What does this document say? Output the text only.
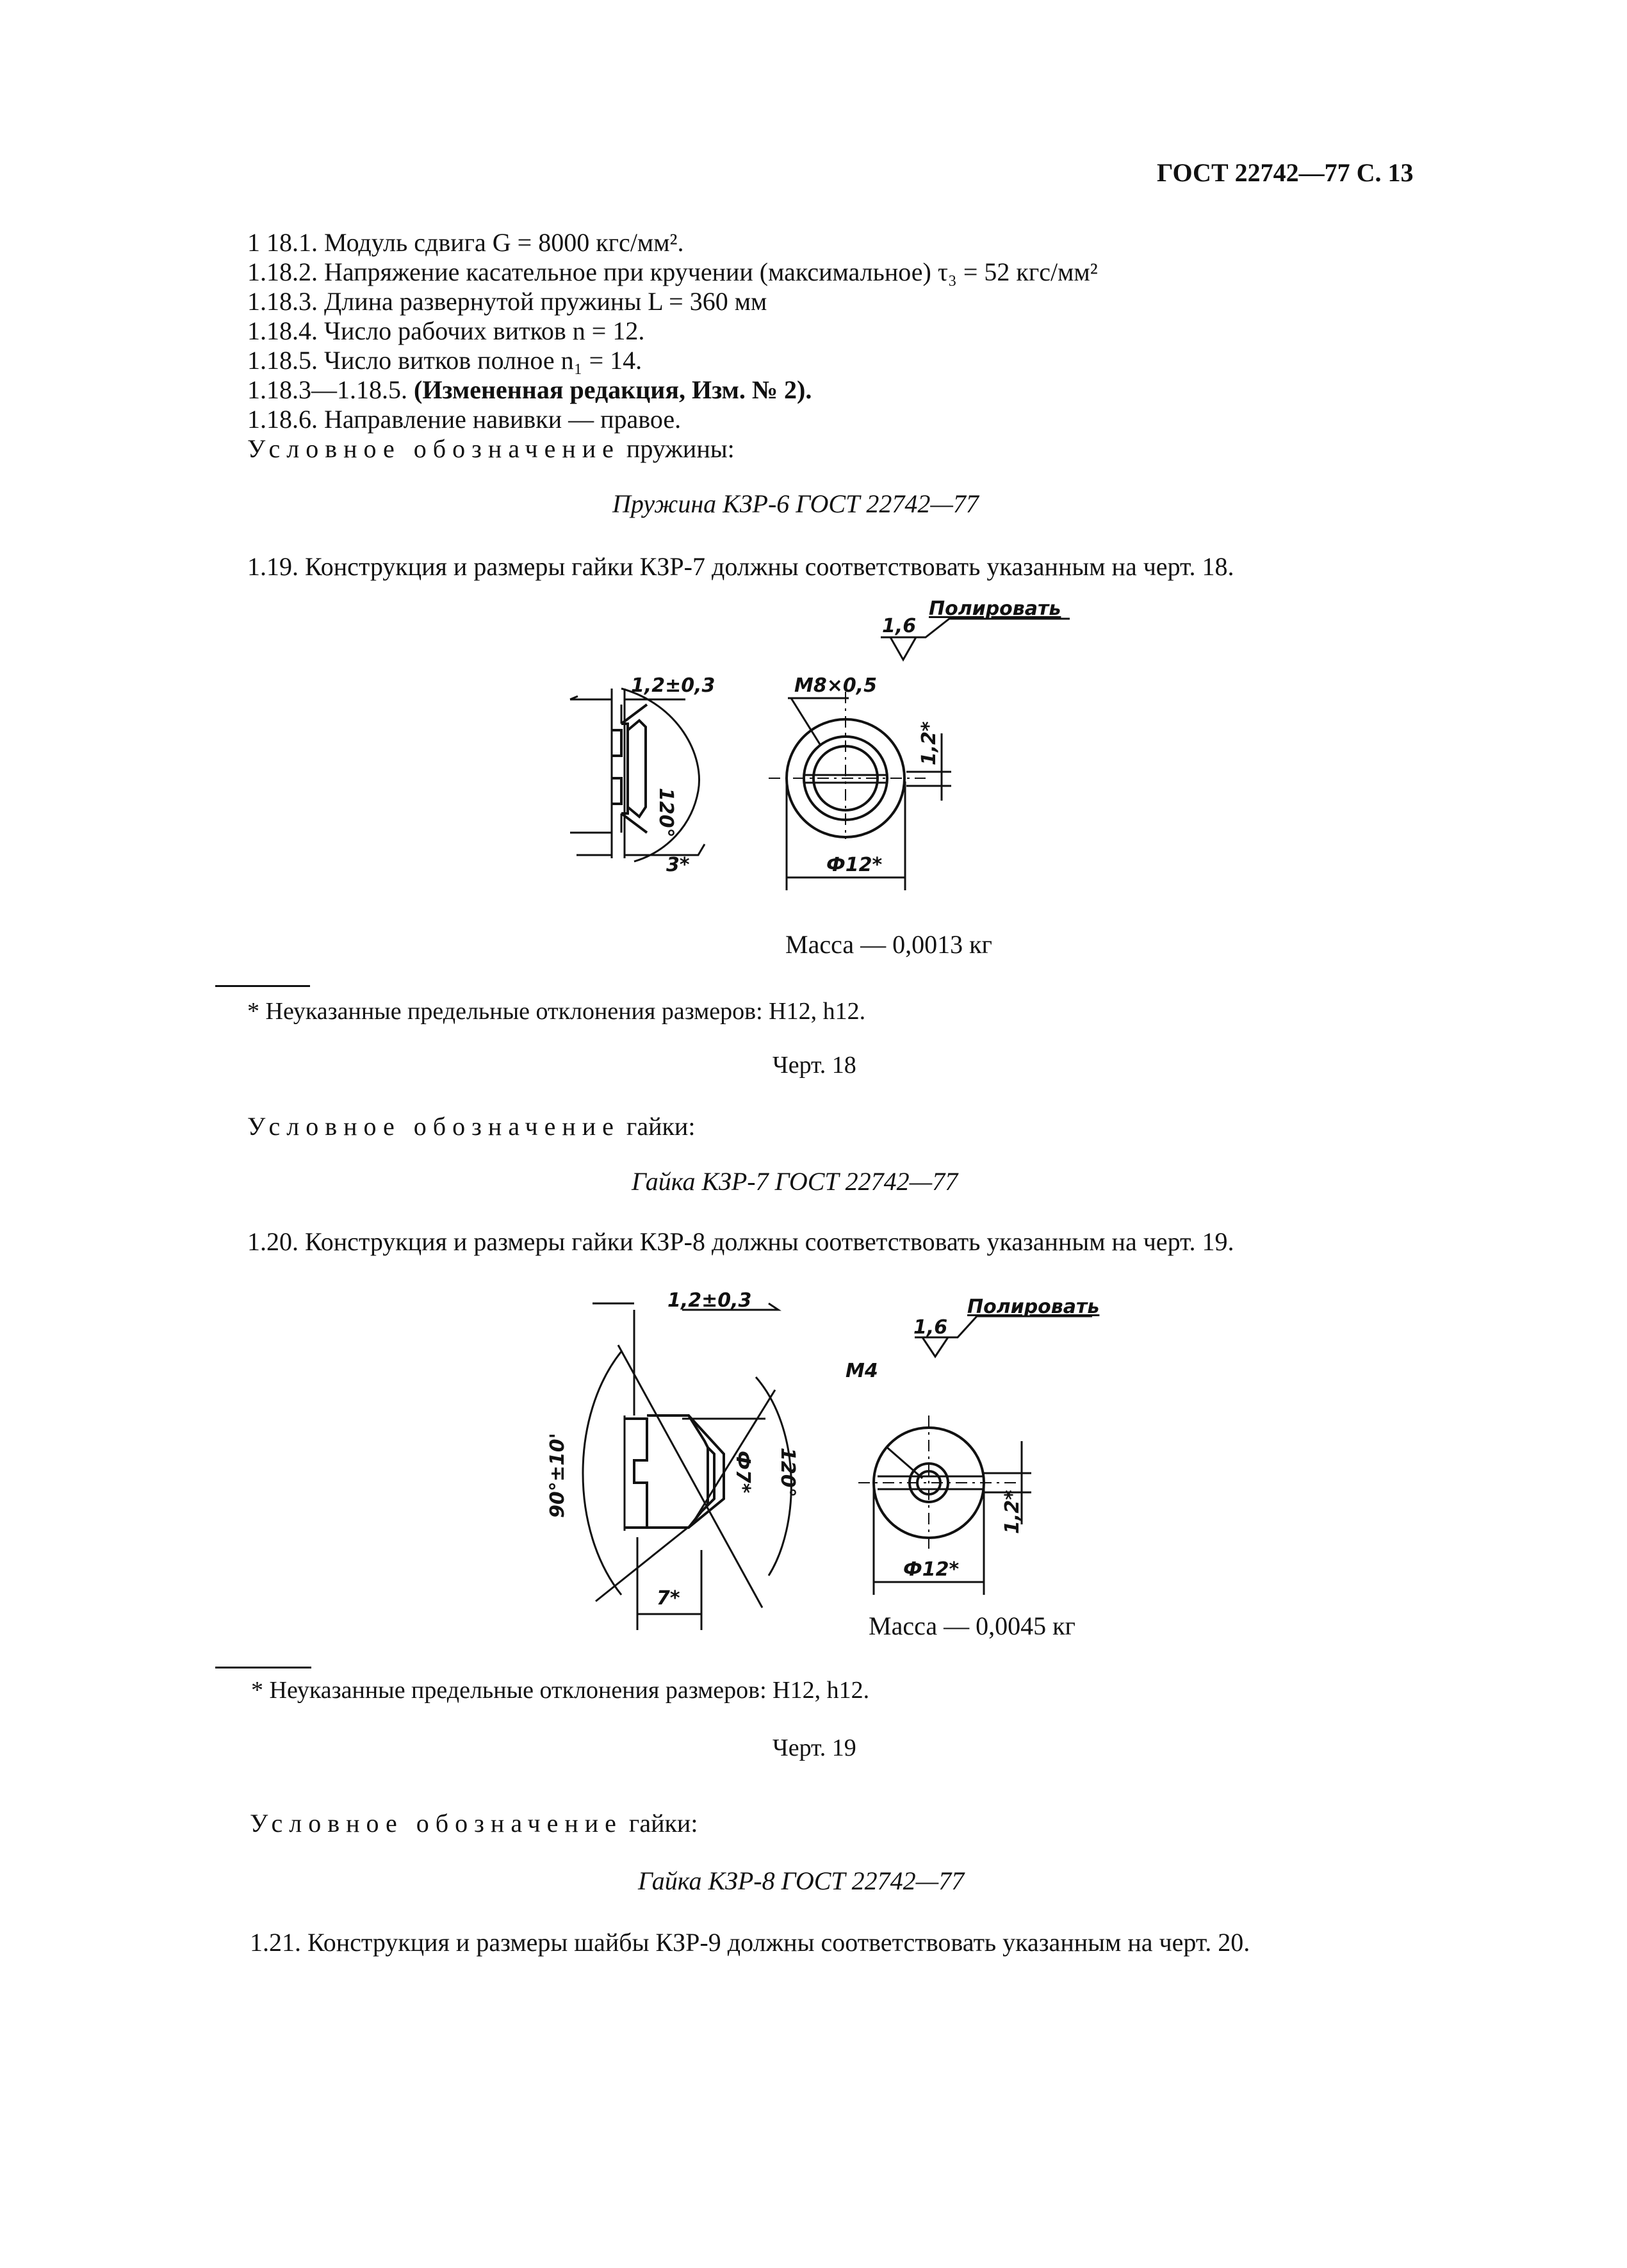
ГОСТ 22742—77 С. 13
1 18.1. Модуль сдвига G = 8000 кгс/мм².
1.18.2. Напряжение касательное при кручении (максимальное) τ₃ = 52 кгс/мм²
1.18.3. Длина развернутой пружины L = 360 мм
1.18.4. Число рабочих витков n = 12.
1.18.5. Число витков полное n₁ = 14.
1.18.3—1.18.5. (Измененная редакция, Изм. № 2).
1.18.6. Направление навивки — правое.
Условное обозначение пружины:
Пружина КЗР-6 ГОСТ 22742—77
1.19. Конструкция и размеры гайки КЗР-7 должны соответствовать указанным на черт. 18.
1,6
Полировать
1,2±0,3	М8×0,5
1,2*
120°
3*	Ф12*
Масса — 0,0013 кг
* Неуказанные предельные отклонения размеров: Н12, h12.
Черт. 18
Условное обозначение гайки:
Гайка КЗР-7 ГОСТ 22742—77
1.20. Конструкция и размеры гайки КЗР-8 должны соответствовать указанным на черт. 19.
1,6
Полировать
1,2±0,3
М4
90°±10'	120°
Ф7*
7*
1,2*
Ф12*
Масса — 0,0045 кг
* Неуказанные предельные отклонения размеров: Н12, h12.
Черт. 19
Условное обозначение гайки:
Гайка КЗР-8 ГОСТ 22742—77
1.21. Конструкция и размеры шайбы КЗР-9 должны соответствовать указанным на черт. 20.
